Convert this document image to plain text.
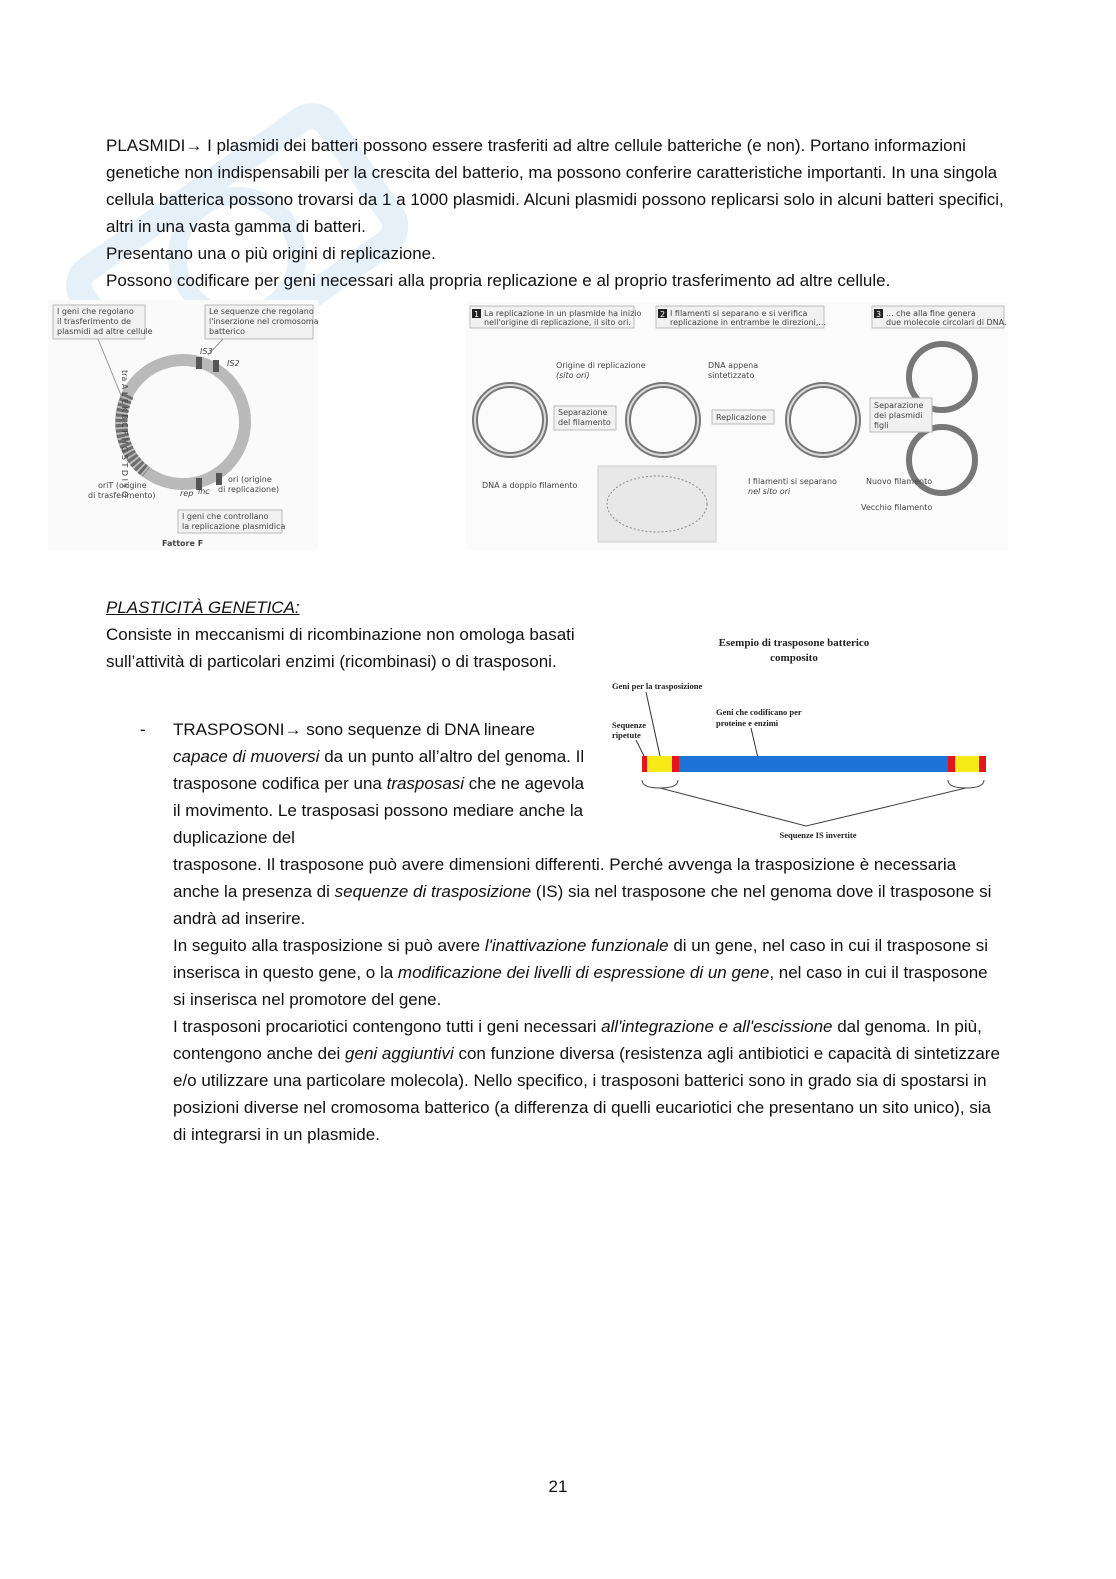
PLASMIDI→ I plasmidi dei batteri possono essere trasferiti ad altre cellule batteriche (e non). Portano informazioni genetiche non indispensabili per la crescita del batterio, ma possono conferire caratteristiche importanti. In una singola cellula batterica possono trovarsi da 1 a 1000 plasmidi. Alcuni plasmidi possono replicarsi solo in alcuni batteri specifici, altri in una vasta gamma di batteri.

Presentano una o più origini di replicazione.

Possono codificare per geni necessari alla propria replicazione e al proprio trasferimento ad altre cellule.

I geni che regolano
il trasferimento de
plasmidi ad altre cellule
Le sequenze che regolano
l'inserzione nel cromosoma
batterico
IS3
IS2
tra A L E K B C F H G S T D I Y O
oriT (origine
di trasferimento)
ori (origine
di replicazione)
rep inc
I geni che controllano
la replicazione plasmidica
Fattore F
1 La replicazione in un plasmide ha inizio
nell'origine di replicazione, il sito ori.
2 I filamenti si separano e si verifica
replicazione in entrambe le direzioni,...
3 ... che alla fine genera
due molecole circolari di DNA.
Origine di replicazione
(sito ori)
DNA appena
sintetizzato
Separazione
del filamento
Replicazione
Separazione
dei plasmidi
figli
DNA a doppio filamento	I filamenti si separano
nel sito ori
Nuovo filamento
Vecchio filamento

PLASTICITÀ GENETICA:

Consiste in meccanismi di ricombinazione non omologa basati sull’attività di particolari enzimi (ricombinasi) o di trasposoni.

Esempio di trasposone batterico
composito
Geni per la trasposizione
Sequenze
ripetute
Geni che codificano per
proteine e enzimi
Sequenze IS invertite

- TRASPOSONI→ sono sequenze di DNA lineare capace di muoversi da un punto all’altro del genoma. Il trasposone codifica per una trasposasi che ne agevola il movimento. Le trasposasi possono mediare anche la duplicazione del

trasposone. Il trasposone può avere dimensioni differenti. Perché avvenga la trasposizione è necessaria anche la presenza di sequenze di trasposizione (IS) sia nel trasposone che nel genoma dove il trasposone si andrà ad inserire.

In seguito alla trasposizione si può avere l'inattivazione funzionale di un gene, nel caso in cui il trasposone si inserisca in questo gene, o la modificazione dei livelli di espressione di un gene, nel caso in cui il trasposone si inserisca nel promotore del gene.

I trasposoni procariotici contengono tutti i geni necessari all'integrazione e all'escissione dal genoma. In più, contengono anche dei geni aggiuntivi con funzione diversa (resistenza agli antibiotici e capacità di sintetizzare e/o utilizzare una particolare molecola). Nello specifico, i trasposoni batterici sono in grado sia di spostarsi in posizioni diverse nel cromosoma batterico (a differenza di quelli eucariotici che presentano un sito unico), sia di integrarsi in un plasmide.

21
